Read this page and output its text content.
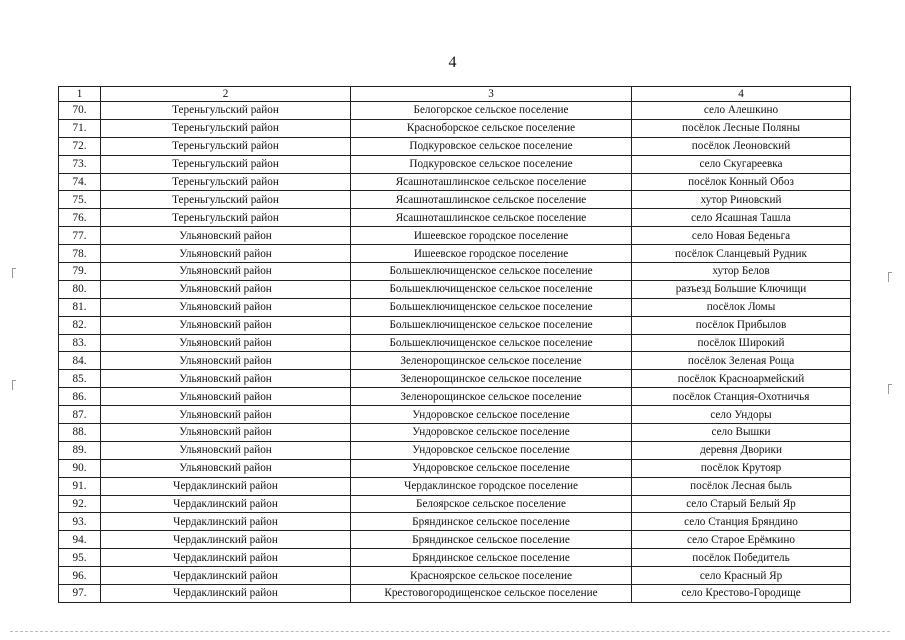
4
1	2	3	4
70.	Тереньгульский район	Белогорское сельское поселение	село Алешкино
71.	Тереньгульский район	Красноборское сельское поселение	посёлок Лесные Поляны
72.	Тереньгульский район	Подкуровское сельское поселение	посёлок Леоновский
73.	Тереньгульский район	Подкуровское сельское поселение	село Скугареевка
74.	Тереньгульский район	Ясашноташлинское сельское поселение	посёлок Конный Обоз
75.	Тереньгульский район	Ясашноташлинское сельское поселение	хутор Риновский
76.	Тереньгульский район	Ясашноташлинское сельское поселение	село Ясашная Ташла
77.	Ульяновский район	Ишеевское городское поселение	село Новая Беденьга
78.	Ульяновский район	Ишеевское городское поселение	посёлок Сланцевый Рудник
79.	Ульяновский район	Большеключищенское сельское поселение	хутор Белов
80.	Ульяновский район	Большеключищенское сельское поселение	разъезд Большие Ключищи
81.	Ульяновский район	Большеключищенское сельское поселение	посёлок Ломы
82.	Ульяновский район	Большеключищенское сельское поселение	посёлок Прибылов
83.	Ульяновский район	Большеключищенское сельское поселение	посёлок Широкий
84.	Ульяновский район	Зеленорощинское сельское поселение	посёлок Зеленая Роща
85.	Ульяновский район	Зеленорощинское сельское поселение	посёлок Красноармейский
86.	Ульяновский район	Зеленорощинское сельское поселение	посёлок Станция-Охотничья
87.	Ульяновский район	Ундоровское сельское поселение	село Ундоры
88.	Ульяновский район	Ундоровское сельское поселение	село Вышки
89.	Ульяновский район	Ундоровское сельское поселение	деревня Дворики
90.	Ульяновский район	Ундоровское сельское поселение	посёлок Крутояр
91.	Чердаклинский район	Чердаклинское городское поселение	посёлок Лесная быль
92.	Чердаклинский район	Белоярское сельское поселение	село Старый Белый Яр
93.	Чердаклинский район	Бряндинское сельское поселение	село Станция Бряндино
94.	Чердаклинский район	Бряндинское сельское поселение	село Старое Ерёмкино
95.	Чердаклинский район	Бряндинское сельское поселение	посёлок Победитель
96.	Чердаклинский район	Красноярское сельское поселение	село Красный Яр
97.	Чердаклинский район	Крестовогородищенское сельское поселение	село Крестово-Городище
